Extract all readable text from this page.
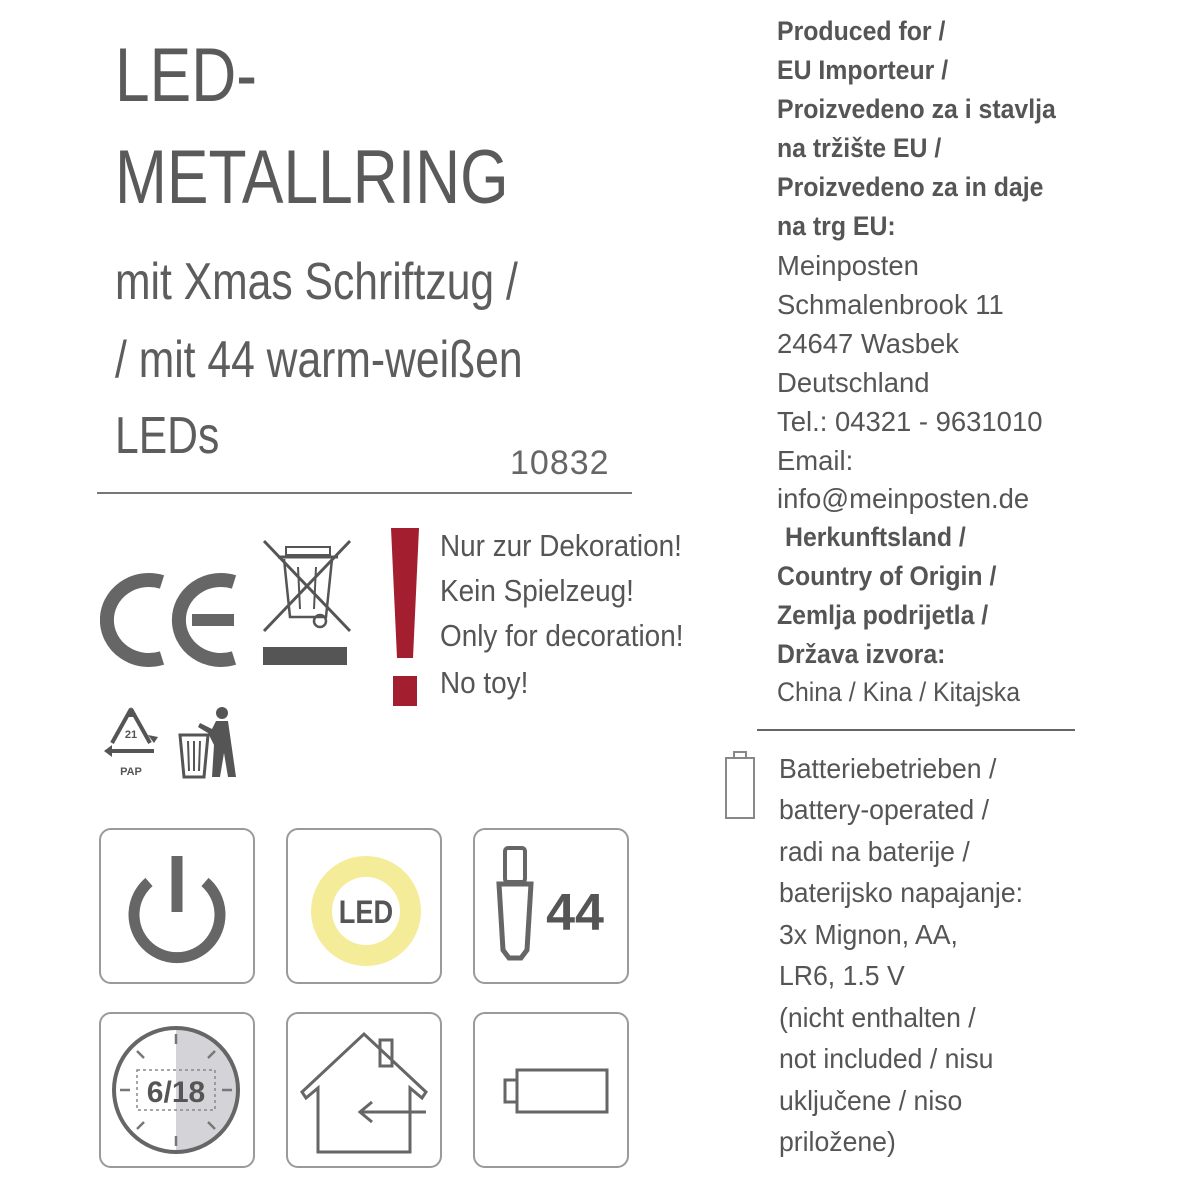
LED-
METALLRING
mit Xmas Schriftzug /
/ mit 44 warm-weißen
LEDs	10832
Nur zur Dekoration!
Kein Spielzeug!
Only for decoration!
No toy!
21
PAP
LED	44
6/18
Produced for /
EU Importeur /
Proizvedeno za i stavlja
na tržište EU /
Proizvedeno za in daje
na trg EU:
Meinposten
Schmalenbrook 11
24647 Wasbek
Deutschland
Tel.: 04321 - 9631010
Email:
info@meinposten.de
Herkunftsland /
Country of Origin /
Zemlja podrijetla /
Država izvora:
China / Kina / Kitajska
Batteriebetrieben /
battery-operated /
radi na baterije /
baterijsko napajanje:
3x Mignon, AA,
LR6, 1.5 V
(nicht enthalten /
not included / nisu
uključene / niso
priložene)
